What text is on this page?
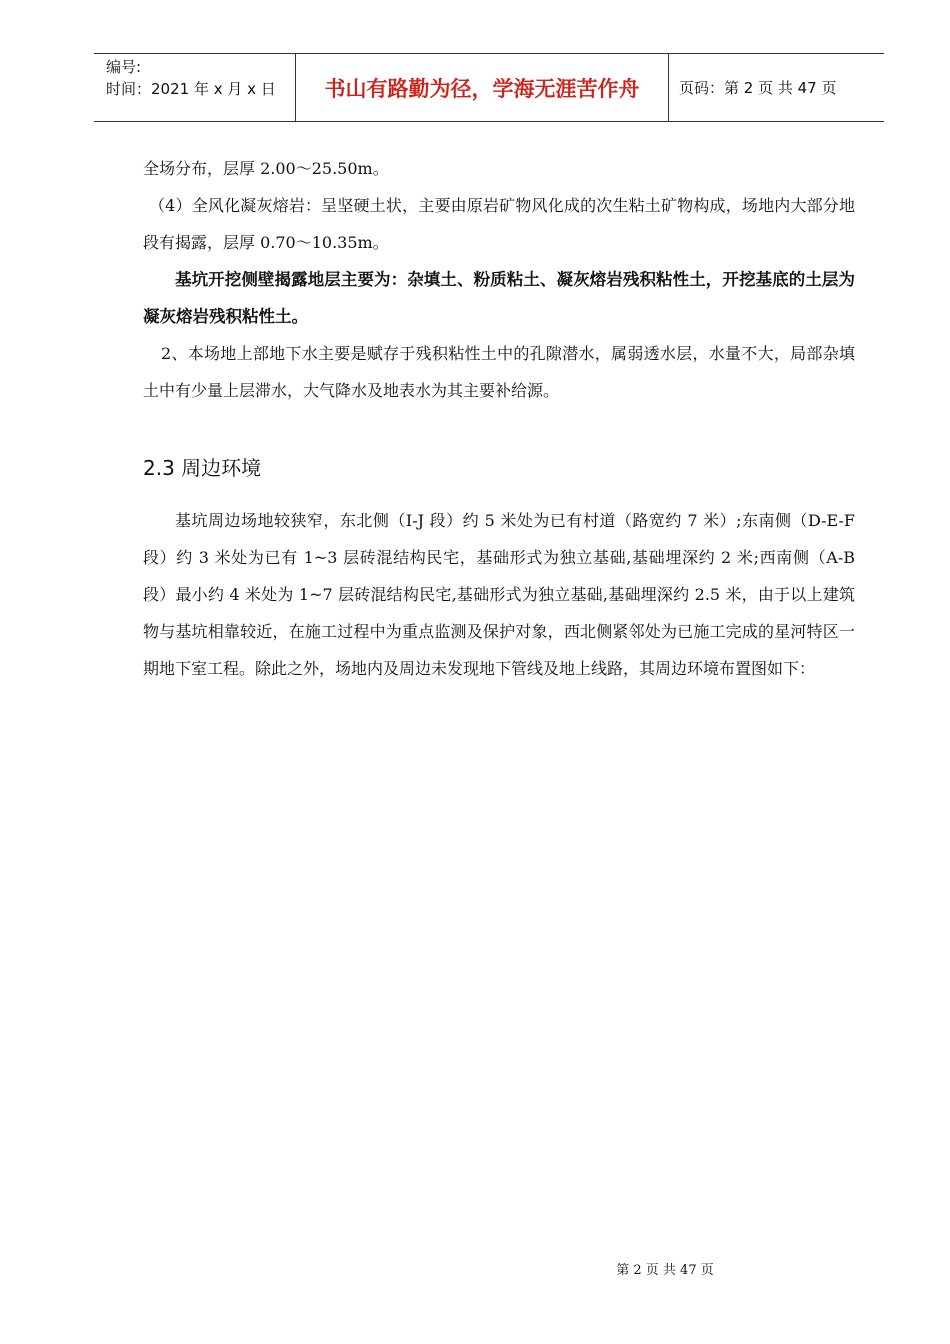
编号:
时间：2021 年 x 月 x 日	书山有路勤为径，学海无涯苦作舟	页码：第 2 页 共 47 页

全场分布，层厚 2.00～25.50m。

（4）全风化凝灰熔岩：呈坚硬土状，主要由原岩矿物风化成的次生粘土矿物构成，场地内大部分地段有揭露，层厚 0.70～10.35m。

基坑开挖侧壁揭露地层主要为：杂填土、粉质粘土、凝灰熔岩残积粘性土，开挖基底的土层为凝灰熔岩残积粘性土。

2、本场地上部地下水主要是赋存于残积粘性土中的孔隙潜水，属弱透水层，水量不大，局部杂填土中有少量上层滞水，大气降水及地表水为其主要补给源。

2.3 周边环境

基坑周边场地较狭窄，东北侧（I-J 段）约 5 米处为已有村道（路宽约 7 米）;东南侧（D-E-F 段）约 3 米处为已有 1~3 层砖混结构民宅，基础形式为独立基础,基础埋深约 2 米;西南侧（A-B 段）最小约 4 米处为 1~7 层砖混结构民宅,基础形式为独立基础,基础埋深约 2.5 米，由于以上建筑物与基坑相靠较近，在施工过程中为重点监测及保护对象，西北侧紧邻处为已施工完成的星河特区一期地下室工程。除此之外，场地内及周边未发现地下管线及地上线路，其周边环境布置图如下：

第 2 页 共 47 页
